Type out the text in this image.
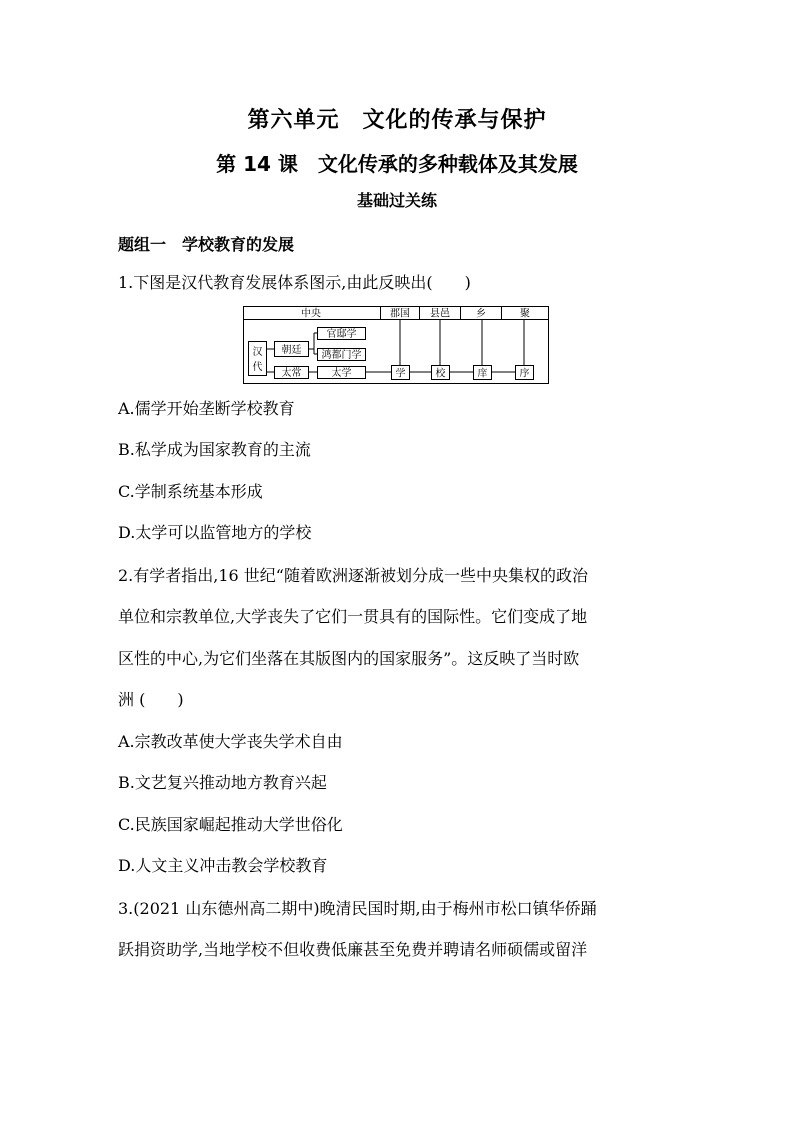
第六单元　文化的传承与保护
第 14 课　文化传承的多种载体及其发展
基础过关练
题组一　学校教育的发展
1.下图是汉代教育发展体系图示,由此反映出(　　)
中央	郡国 县邑	乡	聚
汉
代
朝廷
太常
官邸学
鸿都门学
太学	学	校	庠	序
A.儒学开始垄断学校教育
B.私学成为国家教育的主流
C.学制系统基本形成
D.太学可以监管地方的学校
2.有学者指出,16 世纪“随着欧洲逐渐被划分成一些中央集权的政治
单位和宗教单位,大学丧失了它们一贯具有的国际性。它们变成了地
区性的中心,为它们坐落在其版图内的国家服务”。这反映了当时欧
洲 (　　)
A.宗教改革使大学丧失学术自由
B.文艺复兴推动地方教育兴起
C.民族国家崛起推动大学世俗化
D.人文主义冲击教会学校教育
3.(2021 山东德州高二期中)晚清民国时期,由于梅州市松口镇华侨踊
跃捐资助学,当地学校不但收费低廉甚至免费并聘请名师硕儒或留洋
